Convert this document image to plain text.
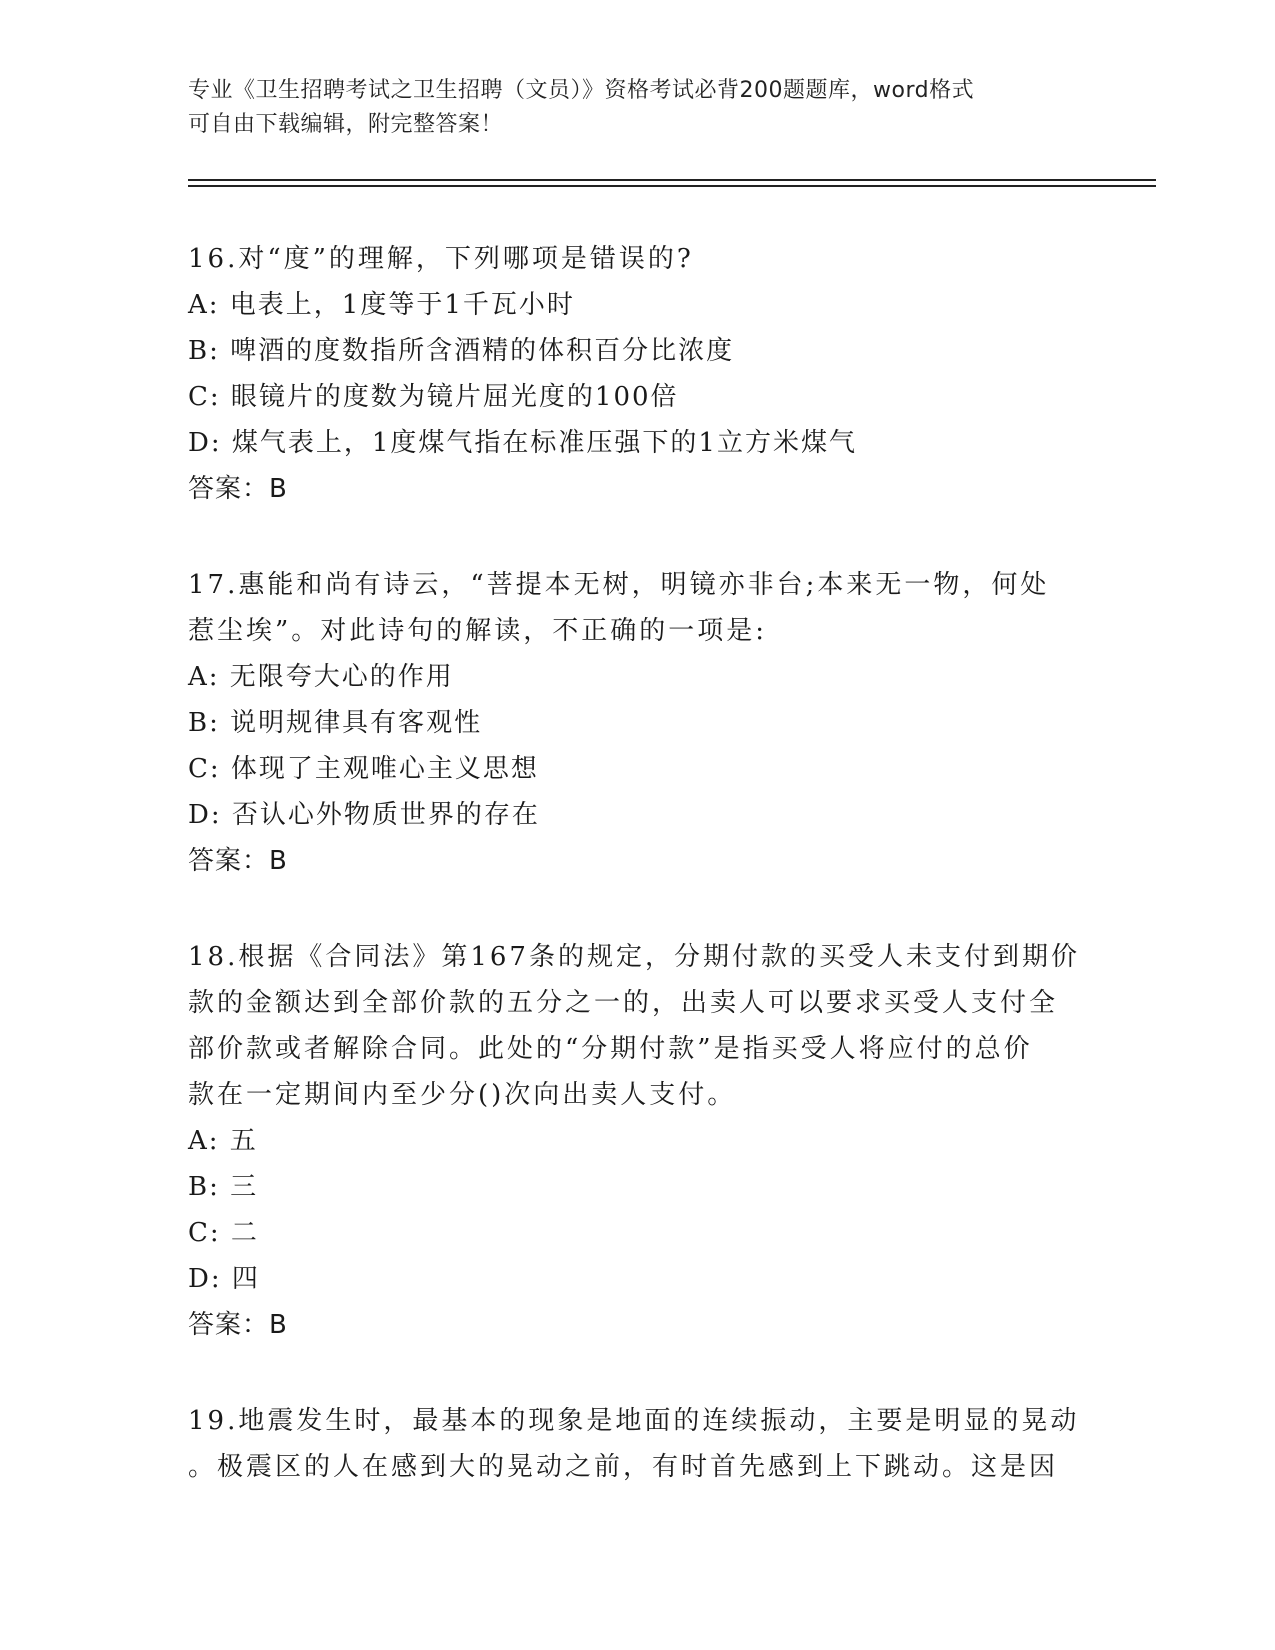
专业《卫生招聘考试之卫生招聘（文员）》资格考试必背200题题库，word格式
可自由下载编辑，附完整答案！
16.对“度”的理解，下列哪项是错误的?
A: 电表上，1度等于1千瓦小时
B: 啤酒的度数指所含酒精的体积百分比浓度
C: 眼镜片的度数为镜片屈光度的100倍
D: 煤气表上，1度煤气指在标准压强下的1立方米煤气
答案：B
17.惠能和尚有诗云，“菩提本无树，明镜亦非台;本来无一物，何处
惹尘埃”。对此诗句的解读，不正确的一项是:
A: 无限夸大心的作用
B: 说明规律具有客观性
C: 体现了主观唯心主义思想
D: 否认心外物质世界的存在
答案：B
18.根据《合同法》第167条的规定，分期付款的买受人未支付到期价
款的金额达到全部价款的五分之一的，出卖人可以要求买受人支付全
部价款或者解除合同。此处的“分期付款”是指买受人将应付的总价
款在一定期间内至少分()次向出卖人支付。
A: 五
B: 三
C: 二
D: 四
答案：B
19.地震发生时，最基本的现象是地面的连续振动，主要是明显的晃动
。极震区的人在感到大的晃动之前，有时首先感到上下跳动。这是因
